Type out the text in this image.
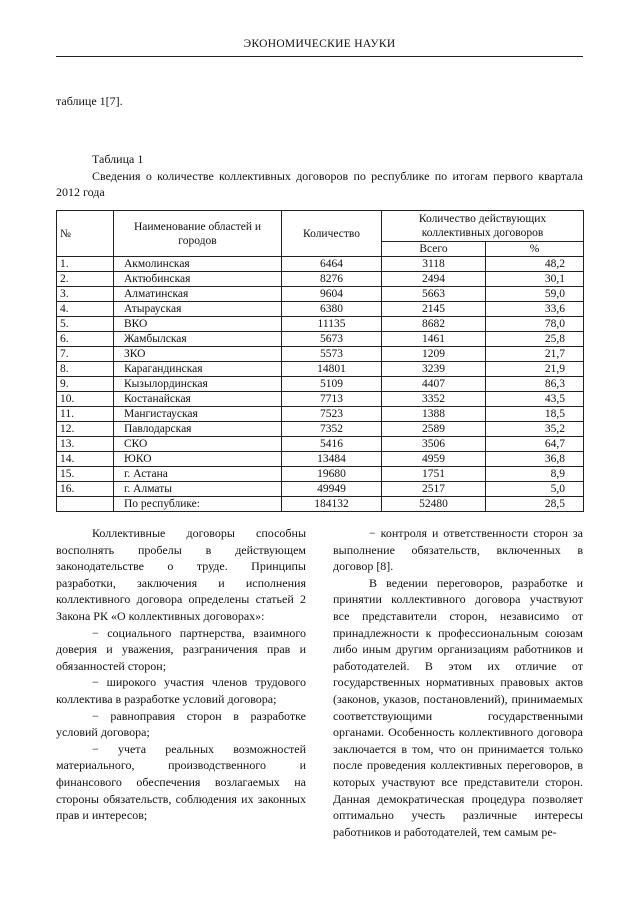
ЭКОНОМИЧЕСКИЕ НАУКИ
таблице 1[7].
Таблица 1
Сведения о количестве коллективных договоров по республике по итогам первого квартала 2012 года
№	Наименование областей и городов	Количество	Количество действующих коллективных договоров	
			Всего	%
1.	Акмолинская	6464	3118	48,2
2.	Актюбинская	8276	2494	30,1
3.	Алматинская	9604	5663	59,0
4.	Атырауская	6380	2145	33,6
5.	ВКО	11135	8682	78,0
6.	Жамбылская	5673	1461	25,8
7.	ЗКО	5573	1209	21,7
8.	Карагандинская	14801	3239	21,9
9.	Кызылординская	5109	4407	86,3
10.	Костанайская	7713	3352	43,5
11.	Мангистауская	7523	1388	18,5
12.	Павлодарская	7352	2589	35,2
13.	СКО	5416	3506	64,7
14.	ЮКО	13484	4959	36,8
15.	г. Астана	19680	1751	8,9
16.	г. Алматы	49949	2517	5,0
	По республике:	184132	52480	28,5

Коллективные договоры способны восполнять пробелы в действующем законодательстве о труде. Принципы разработки, заключения и исполнения коллективного договора определены статьей 2 Закона РК «О коллективных договорах»:

− социального партнерства, взаимного доверия и уважения, разграничения прав и обязанностей сторон;

− широкого участия членов трудового коллектива в разработке условий договора;

− равноправия сторон в разработке условий договора;

− учета реальных возможностей материального, производственного и финансового обеспечения возлагаемых на стороны обязательств, соблюдения их законных прав и интересов;

− контроля и ответственности сторон за выполнение обязательств, включенных в договор [8].

В ведении переговоров, разработке и принятии коллективного договора участвуют все представители сторон, независимо от принадлежности к профессиональным союзам либо иным другим организациям работников и работодателей. В этом их отличие от государственных нормативных правовых актов (законов, указов, постановлений), принимаемых соответствующими государственными органами. Особенность коллективного договора заключается в том, что он принимается только после проведения коллективных переговоров, в которых участвуют все представители сторон. Данная демократическая процедура позволяет оптимально учесть различные интересы работников и работодателей, тем самым ре-
